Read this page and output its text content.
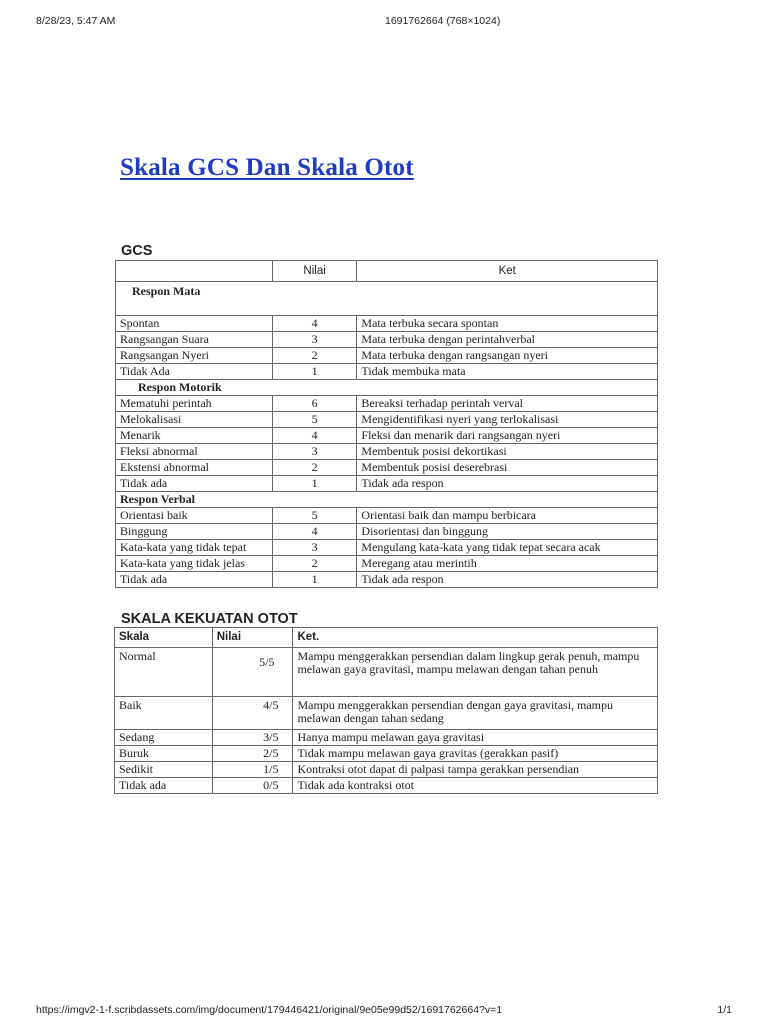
8/28/23, 5:47 AM	1691762664 (768×1024)
Skala GCS Dan Skala Otot
GCS
	Nilai	Ket
Respon Mata		
Spontan	4	Mata terbuka secara spontan
Rangsangan Suara	3	Mata terbuka dengan perintahverbal
Rangsangan Nyeri	2	Mata terbuka dengan rangsangan nyeri
Tidak Ada	1	Tidak membuka mata
Respon Motorik		
Mematuhi perintah	6	Bereaksi terhadap perintah verval
Melokalisasi	5	Mengidentifikasi nyeri yang terlokalisasi
Menarik	4	Fleksi dan menarik dari rangsangan nyeri
Fleksi abnormal	3	Membentuk posisi dekortikasi
Ekstensi abnormal	2	Membentuk posisi deserebrasi
Tidak ada	1	Tidak ada respon
Respon Verbal		
Orientasi baik	5	Orientasi baik dan mampu berbicara
Binggung	4	Disorientasi dan binggung
Kata-kata yang tidak tepat	3	Mengulang kata-kata yang tidak tepat secara acak
Kata-kata yang tidak jelas	2	Meregang atau merintih
Tidak ada	1	Tidak ada respon
SKALA KEKUATAN OTOT
Skala	Nilai	Ket.
Normal	5/5	Mampu menggerakkan persendian dalam lingkup gerak penuh, mampu melawan gaya gravitasi, mampu melawan dengan tahan penuh
Baik	4/5	Mampu menggerakkan persendian dengan gaya gravitasi, mampu melawan dengan tahan sedang
Sedang	3/5	Hanya mampu melawan gaya gravitasi
Buruk	2/5	Tidak mampu melawan gaya gravitas (gerakkan pasif)
Sedikit	1/5	Kontraksi otot dapat di palpasi tampa gerakkan persendian
Tidak ada	0/5	Tidak ada kontraksi otot
https://imgv2-1-f.scribdassets.com/img/document/179446421/original/9e05e99d52/1691762664?v=1	1/1
